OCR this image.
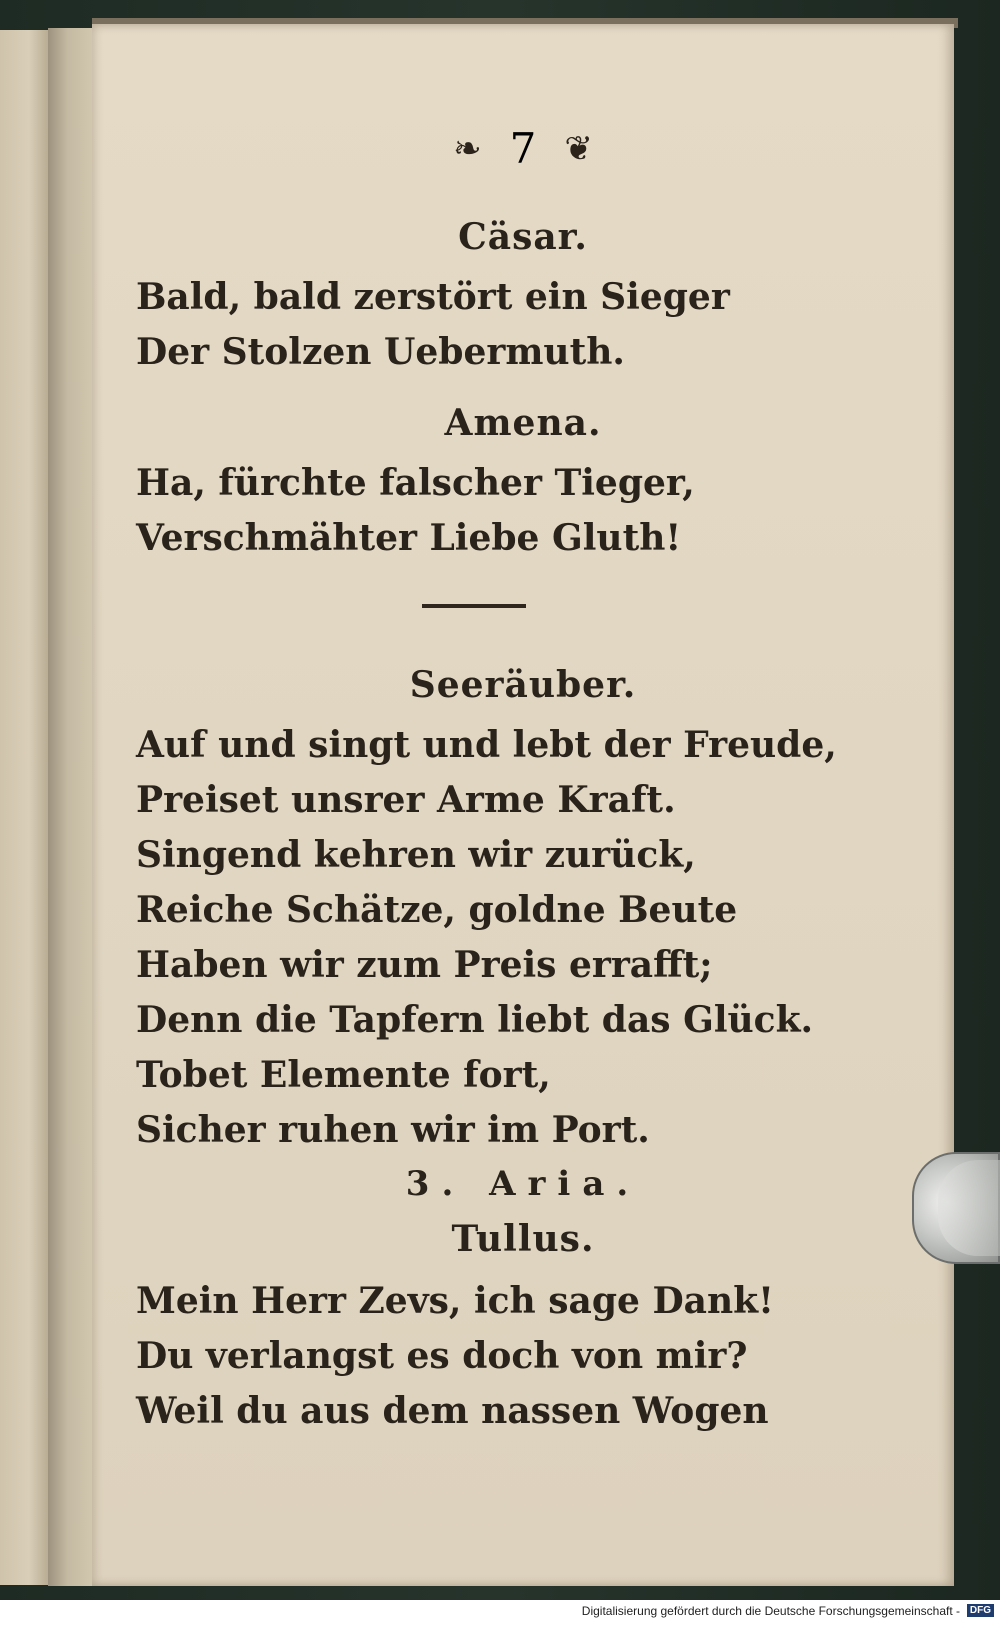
❧ 7 ❦
Cäsar.
Bald, bald zerstört ein Sieger
Der Stolzen Uebermuth.
Amena.
Ha, fürchte falscher Tieger,
Verschmähter Liebe Gluth!
Seeräuber.
Auf und singt und lebt der Freude,
Preiset unsrer Arme Kraft.
Singend kehren wir zurück,
Reiche Schätze, goldne Beute
Haben wir zum Preis errafft;
Denn die Tapfern liebt das Glück.
Tobet Elemente fort,
Sicher ruhen wir im Port.
3. Aria.
Tullus.
Mein Herr Zevs, ich sage Dank!
Du verlangst es doch von mir?
Weil du aus dem nassen Wogen
Digitalisierung gefördert durch die Deutsche Forschungsgemeinschaft - DFG
